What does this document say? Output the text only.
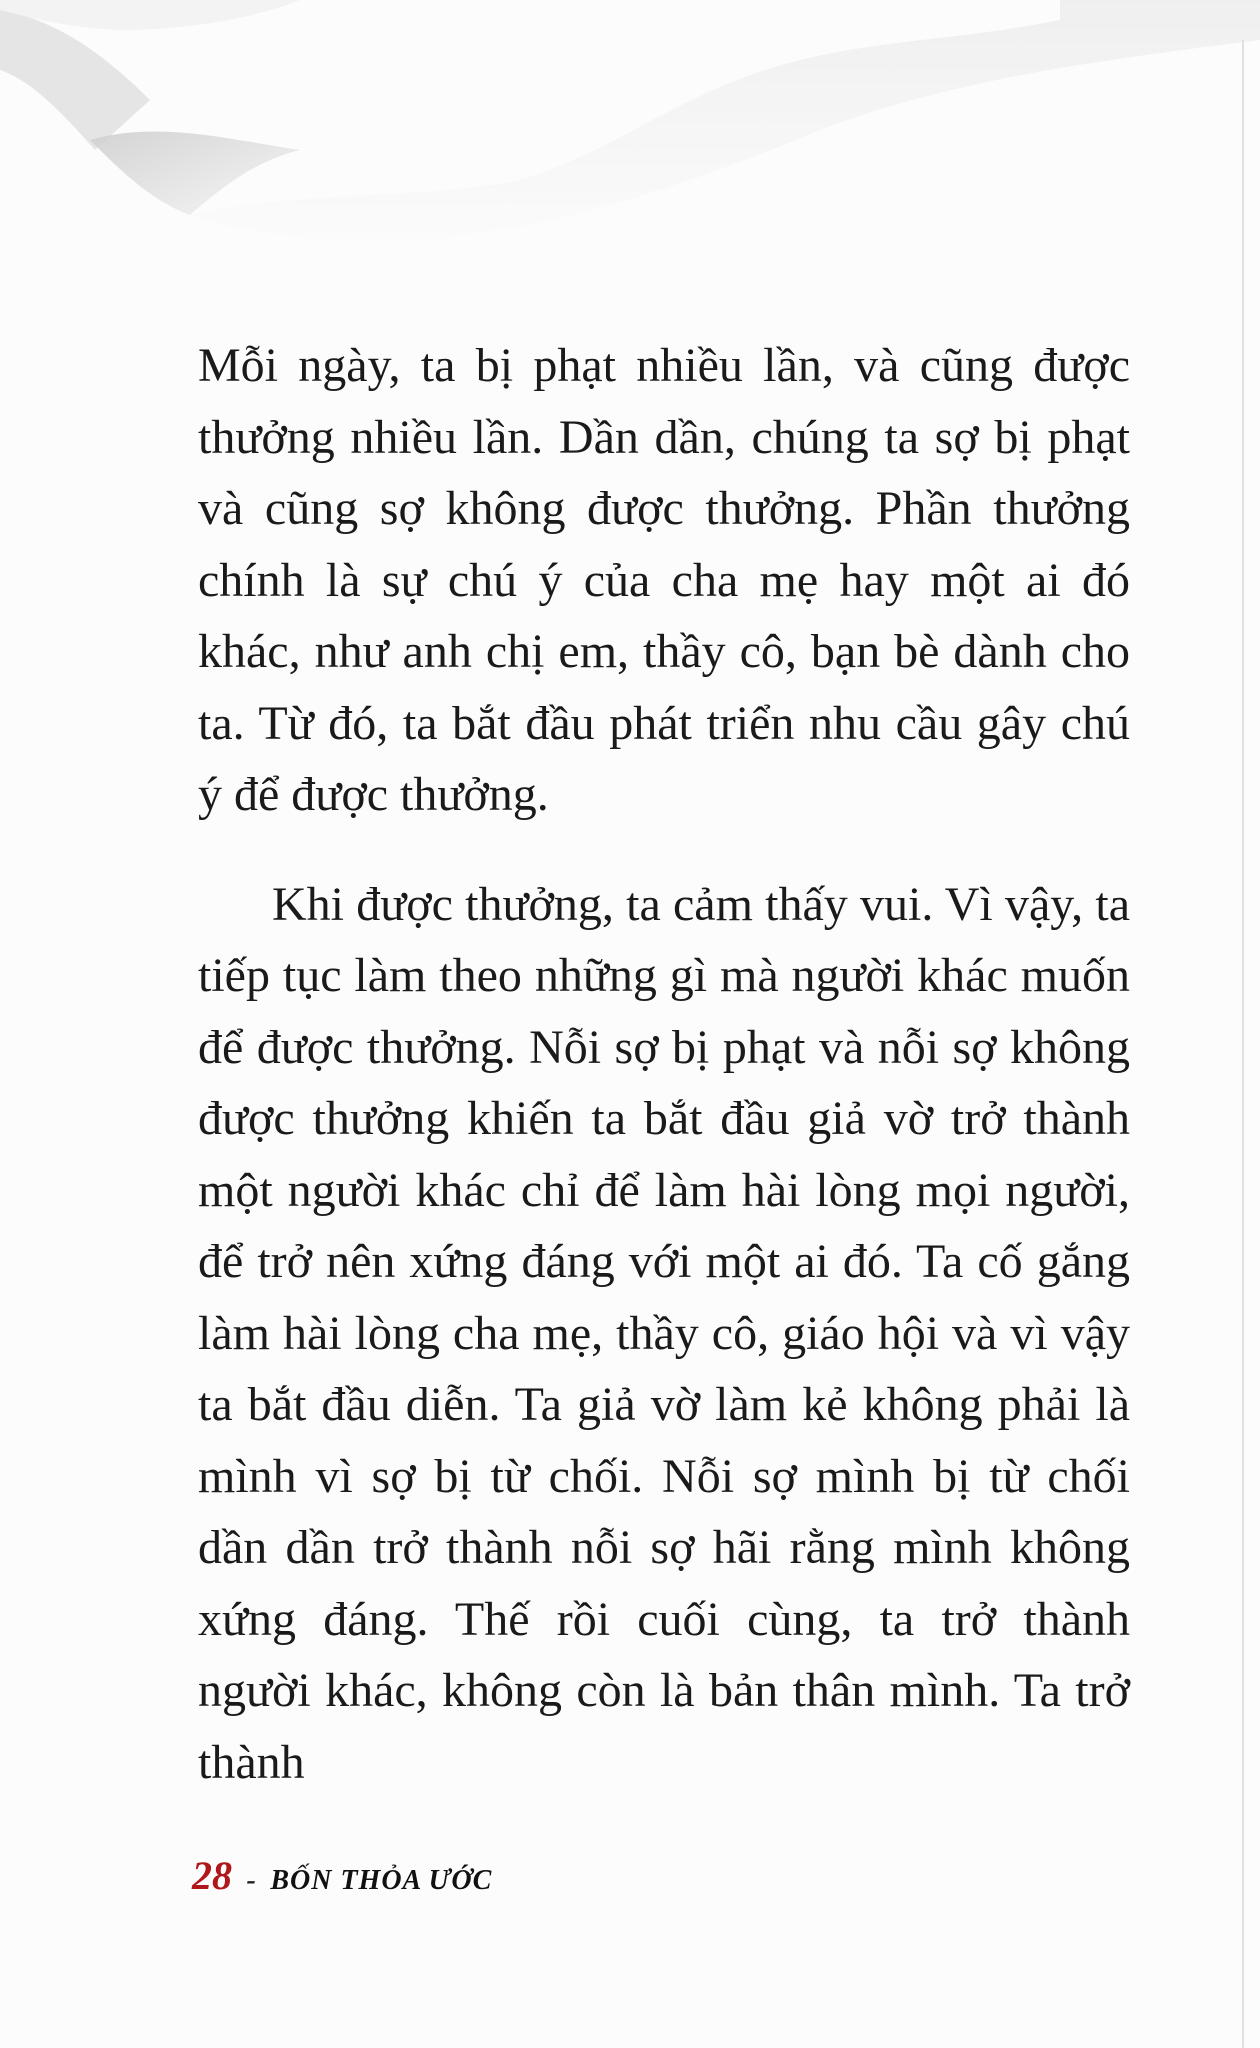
Mỗi ngày, ta bị phạt nhiều lần, và cũng được thưởng nhiều lần. Dần dần, chúng ta sợ bị phạt và cũng sợ không được thưởng. Phần thưởng chính là sự chú ý của cha mẹ hay một ai đó khác, như anh chị em, thầy cô, bạn bè dành cho ta. Từ đó, ta bắt đầu phát triển nhu cầu gây chú ý để được thưởng.

Khi được thưởng, ta cảm thấy vui. Vì vậy, ta tiếp tục làm theo những gì mà người khác muốn để được thưởng. Nỗi sợ bị phạt và nỗi sợ không được thưởng khiến ta bắt đầu giả vờ trở thành một người khác chỉ để làm hài lòng mọi người, để trở nên xứng đáng với một ai đó. Ta cố gắng làm hài lòng cha mẹ, thầy cô, giáo hội và vì vậy ta bắt đầu diễn. Ta giả vờ làm kẻ không phải là mình vì sợ bị từ chối. Nỗi sợ mình bị từ chối dần dần trở thành nỗi sợ hãi rằng mình không xứng đáng. Thế rồi cuối cùng, ta trở thành người khác, không còn là bản thân mình. Ta trở thành

28 - BỐN THỎA ƯỚC
